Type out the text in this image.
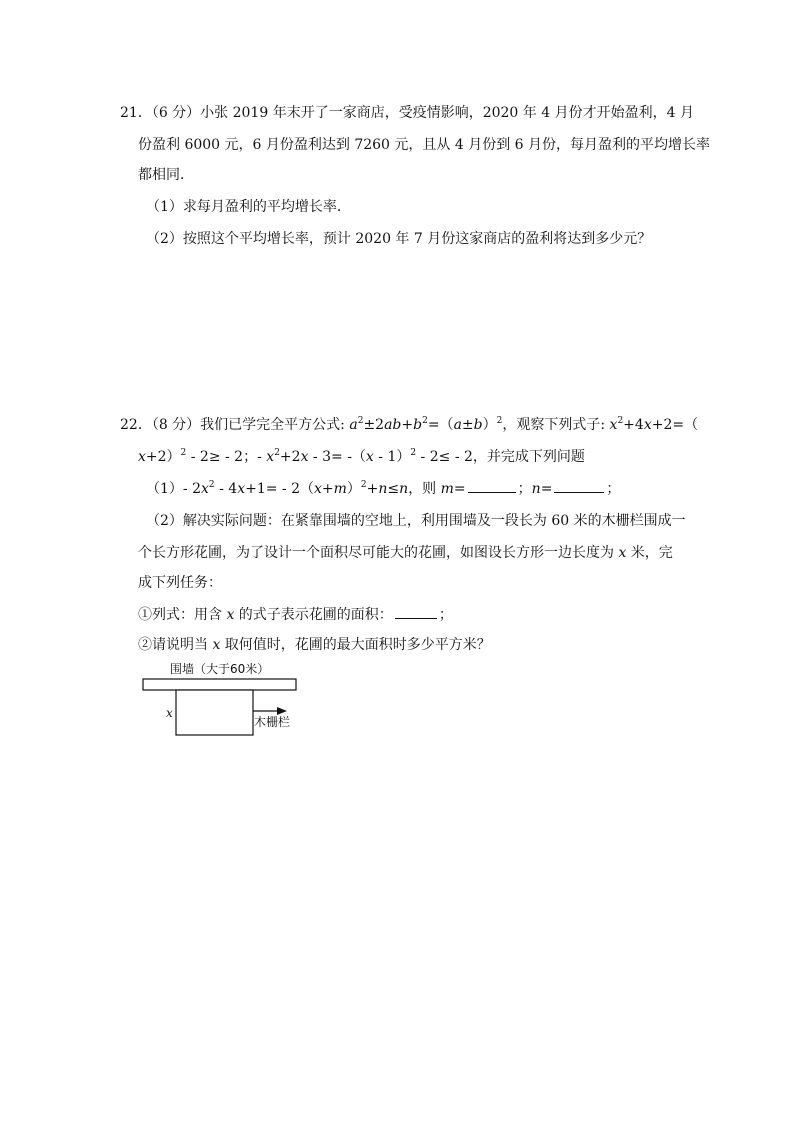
21．（6 分）小张 2019 年末开了一家商店，受疫情影响，2020 年 4 月份才开始盈利，4 月
份盈利 6000 元，6 月份盈利达到 7260 元，且从 4 月份到 6 月份，每月盈利的平均增长率
都相同．
（1）求每月盈利的平均增长率．
（2）按照这个平均增长率，预计 2020 年 7 月份这家商店的盈利将达到多少元？
22．（8 分）我们已学完全平方公式: $a^2\pm 2ab+b^2=(a\pm b)^2$，观察下列式子: $x^2+4x+2=$（
x+2）$^2$ - 2≥ - 2；- $x^2+2x - 3= -(x - 1)^2 - 2\le - 2$，并完成下列问题
（1）- $2x^2 - 4x+1= - 2(x+m)^2+n\le n$，则 m=	；n=	；
（2）解决实际问题：在紧靠围墙的空地上，利用围墙及一段长为 60 米的木栅栏围成一
个长方形花圃，为了设计一个面积尽可能大的花圃，如图设长方形一边长度为 x 米，完
成下列任务：
①列式：用含 x 的式子表示花圃的面积：	；
②请说明当 x 取何值时，花圃的最大面积时多少平方米？
围墙（大于60米）
x
木栅栏
